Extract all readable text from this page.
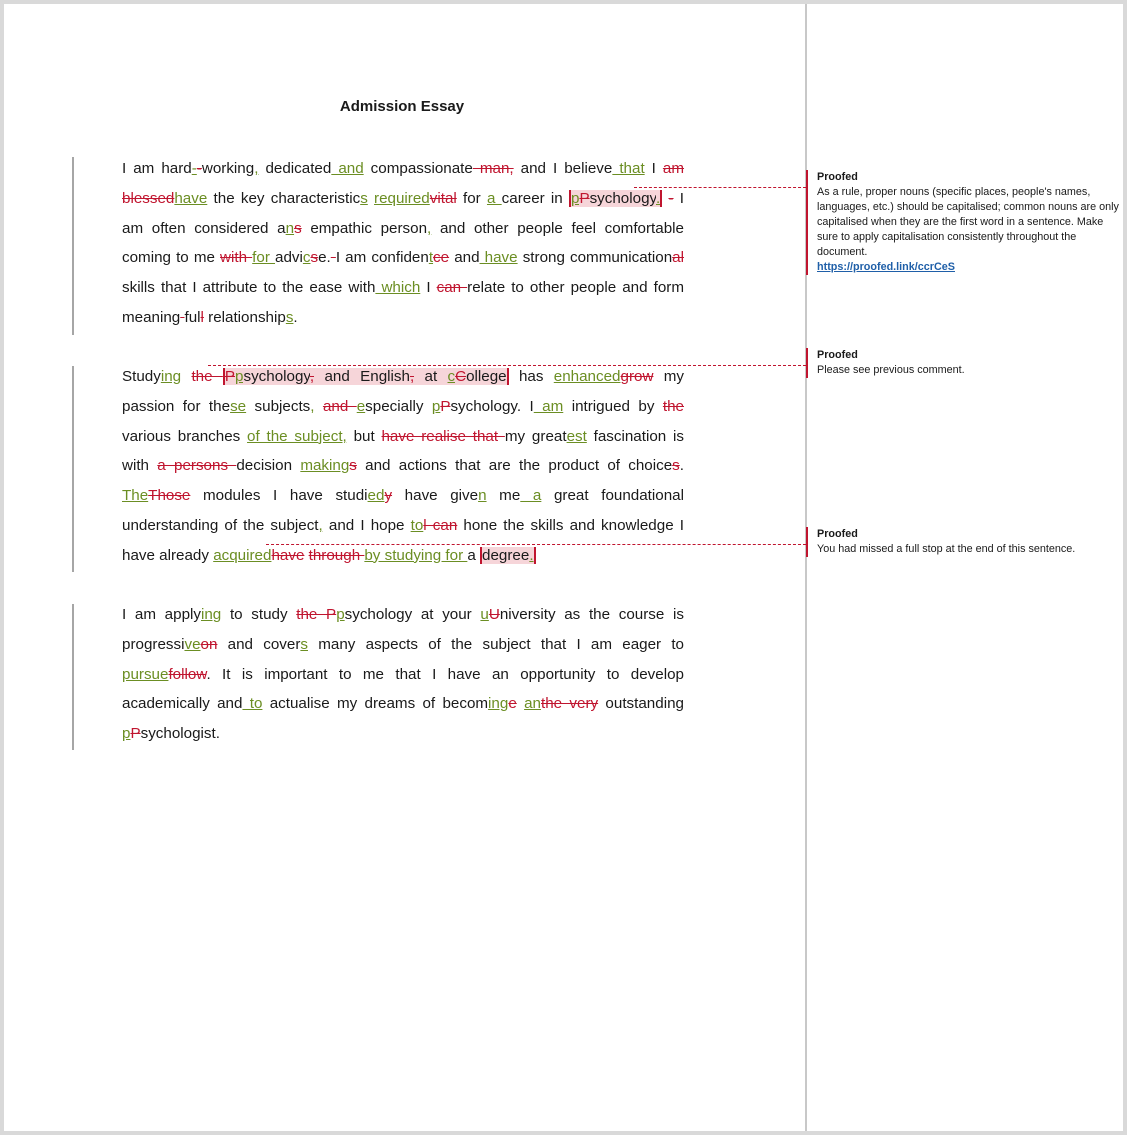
Admission Essay
I am hard--working, dedicated and compassionate man, and I believe that I am blessedhave the key characteristics requiredvital for a career in pPsychology. - I am often considered ans empathic person, and other people feel comfortable coming to me with for advicse. I am confidentce and have strong communicational skills that I attribute to the ease with which I can relate to other people and form meaning full relationships.
Studying the Ppsychology, and English, at cCollege has enhancedgrow my passion for these subjects, and especially pPsychology. I am intrigued by the various branches of the subject, but have realise that my greatest fascination is with a persons decision makings and actions that are the product of choices. TheThose modules I have studiedy have given me a great foundational understanding of the subject, and I hope tol can hone the skills and knowledge I have already acquiredhave through by studying for a degree.
I am applying to study the Ppsychology at your uUniversity as the course is progressiveon and covers many aspects of the subject that I am eager to pursuefollow. It is important to me that I have an opportunity to develop academically and to actualise my dreams of becominge anthe very outstanding pPsychologist.
Proofed
As a rule, proper nouns (specific places, people's names, languages, etc.) should be capitalised; common nouns are only capitalised when they are the first word in a sentence. Make sure to apply capitalisation consistently throughout the document.
https://proofed.link/ccrCeS
Proofed
Please see previous comment.
Proofed
You had missed a full stop at the end of this sentence.
